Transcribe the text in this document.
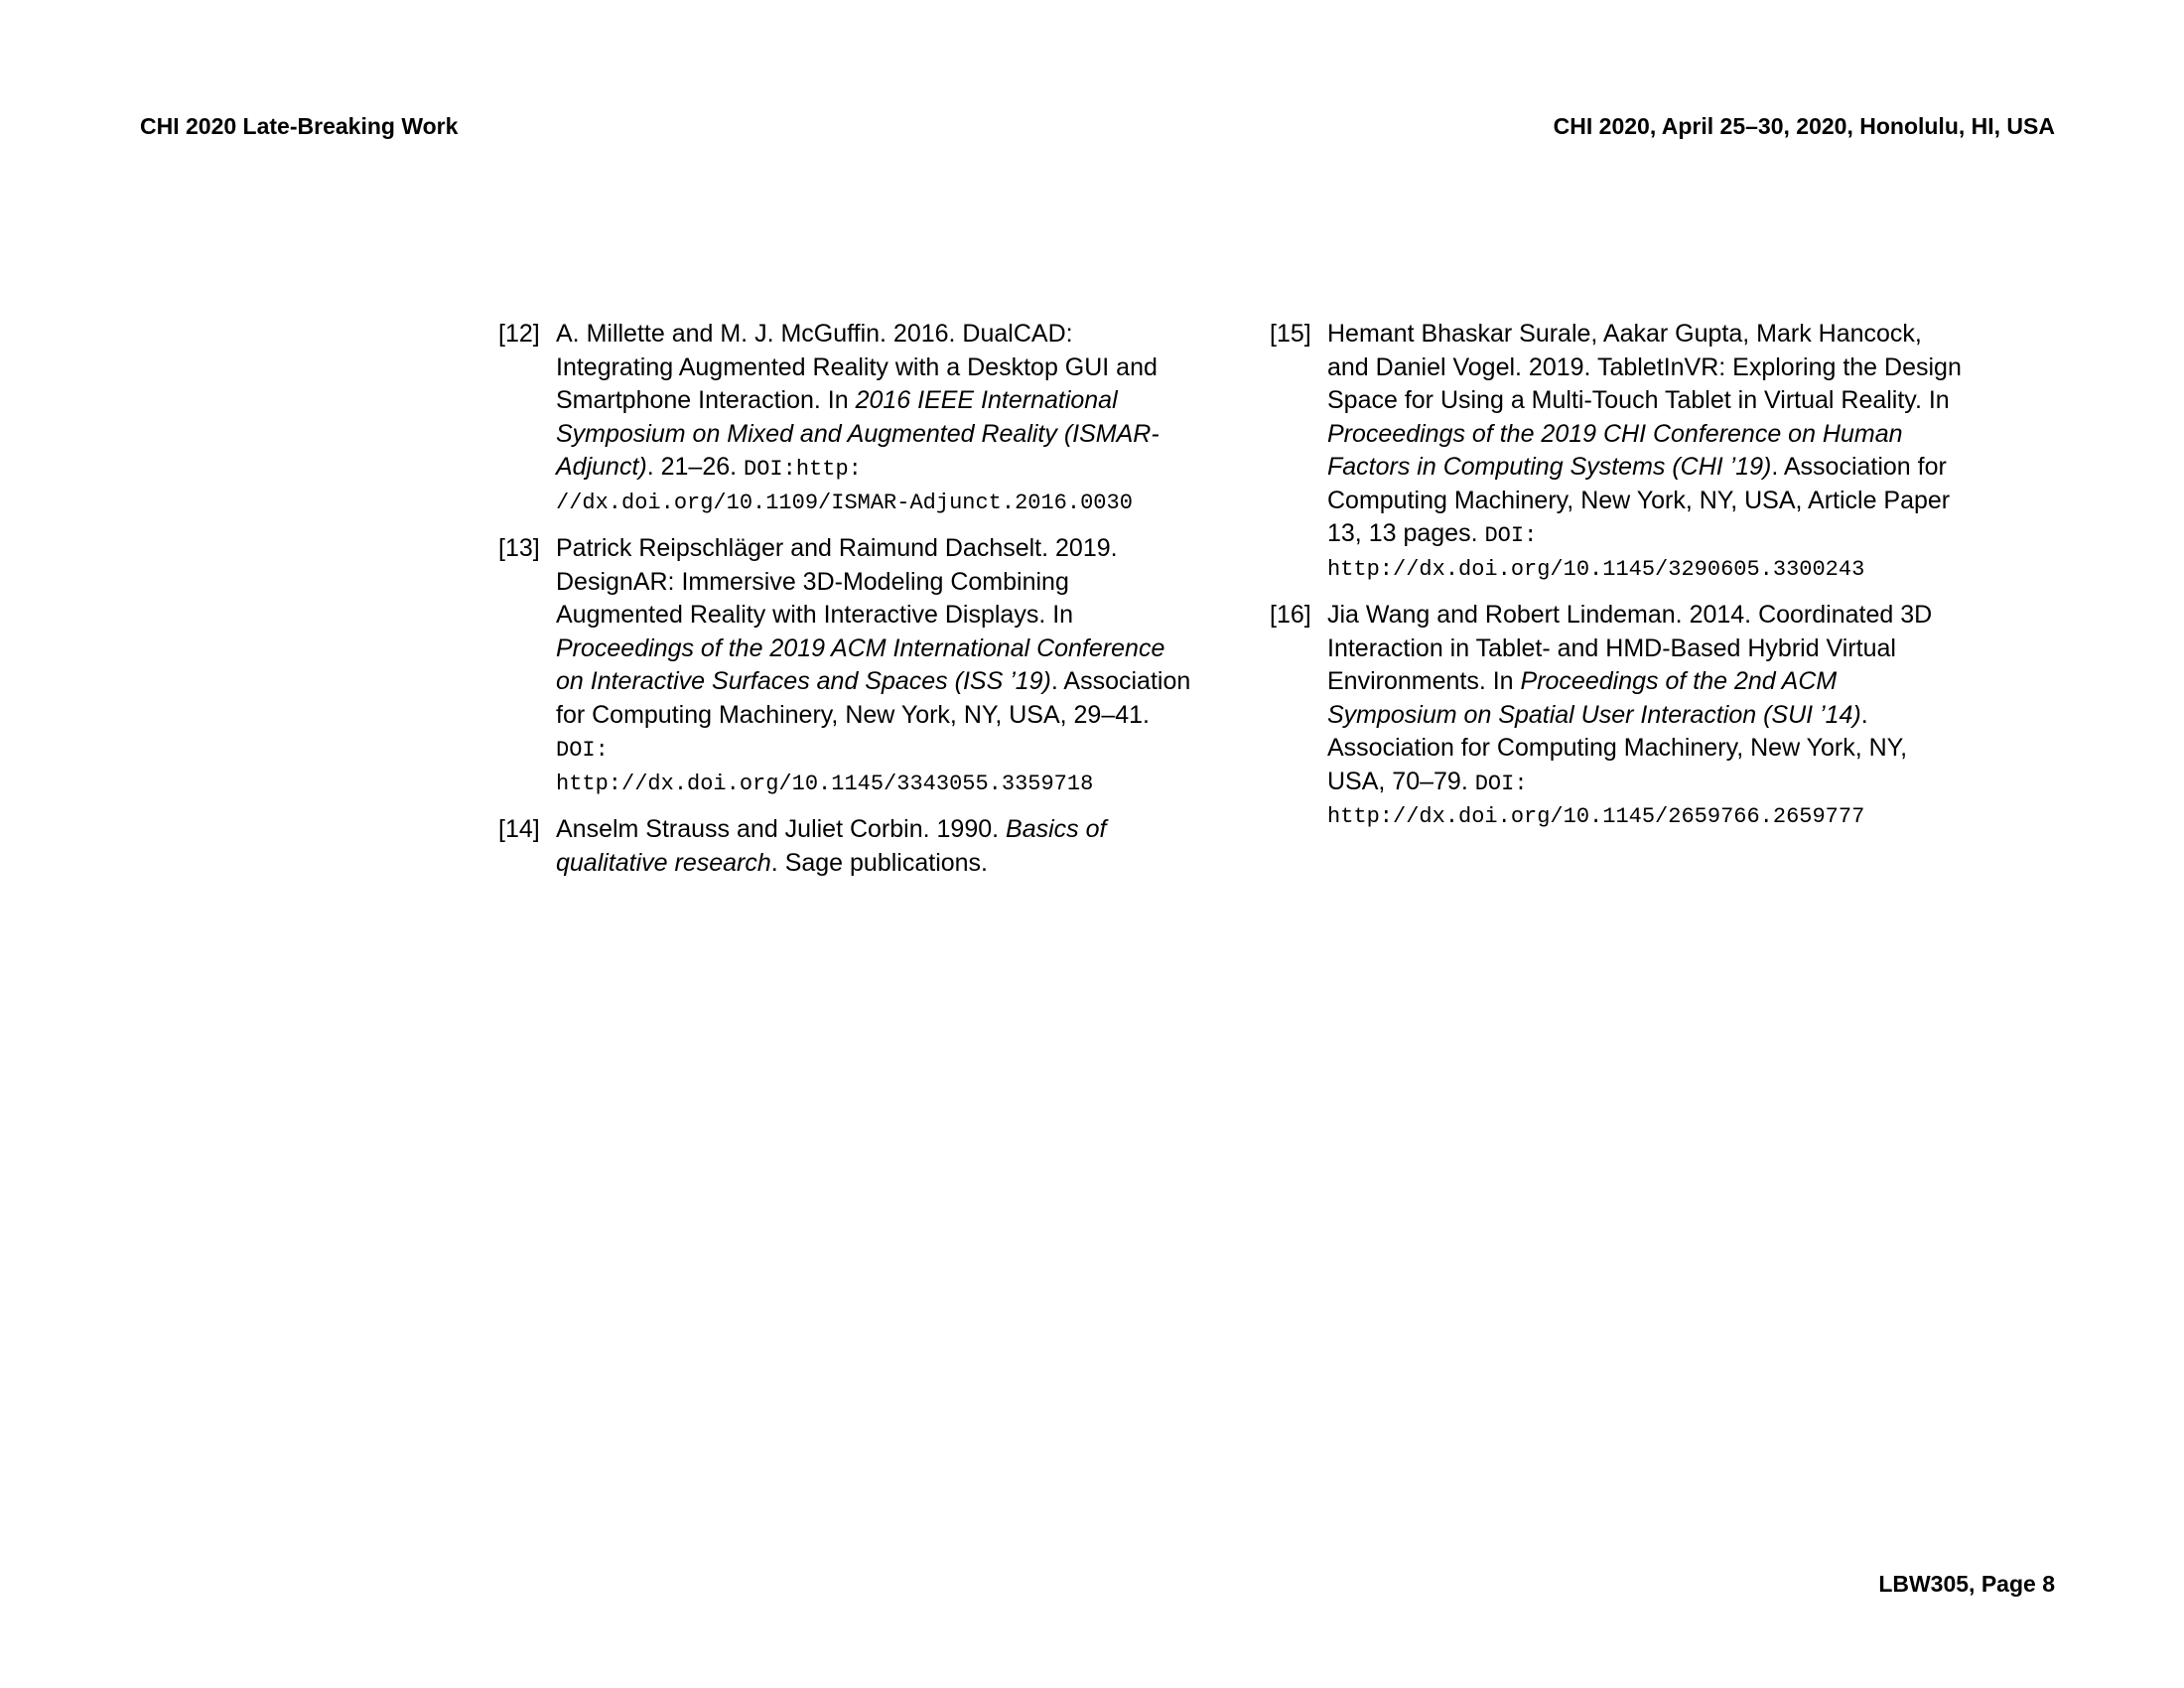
CHI 2020 Late-Breaking Work	CHI 2020, April 25–30, 2020, Honolulu, HI, USA
[12] A. Millette and M. J. McGuffin. 2016. DualCAD: Integrating Augmented Reality with a Desktop GUI and Smartphone Interaction. In 2016 IEEE International Symposium on Mixed and Augmented Reality (ISMAR-Adjunct). 21–26. DOI:http:
//dx.doi.org/10.1109/ISMAR-Adjunct.2016.0030
[13] Patrick Reipschläger and Raimund Dachselt. 2019. DesignAR: Immersive 3D-Modeling Combining Augmented Reality with Interactive Displays. In Proceedings of the 2019 ACM International Conference on Interactive Surfaces and Spaces (ISS ’19). Association for Computing Machinery, New York, NY, USA, 29–41. DOI:
http://dx.doi.org/10.1145/3343055.3359718
[14] Anselm Strauss and Juliet Corbin. 1990. Basics of qualitative research. Sage publications.
[15] Hemant Bhaskar Surale, Aakar Gupta, Mark Hancock, and Daniel Vogel. 2019. TabletInVR: Exploring the Design Space for Using a Multi-Touch Tablet in Virtual Reality. In Proceedings of the 2019 CHI Conference on Human Factors in Computing Systems (CHI ’19). Association for Computing Machinery, New York, NY, USA, Article Paper 13, 13 pages. DOI:
http://dx.doi.org/10.1145/3290605.3300243
[16] Jia Wang and Robert Lindeman. 2014. Coordinated 3D Interaction in Tablet- and HMD-Based Hybrid Virtual Environments. In Proceedings of the 2nd ACM Symposium on Spatial User Interaction (SUI ’14). Association for Computing Machinery, New York, NY, USA, 70–79. DOI:
http://dx.doi.org/10.1145/2659766.2659777
LBW305, Page 8
